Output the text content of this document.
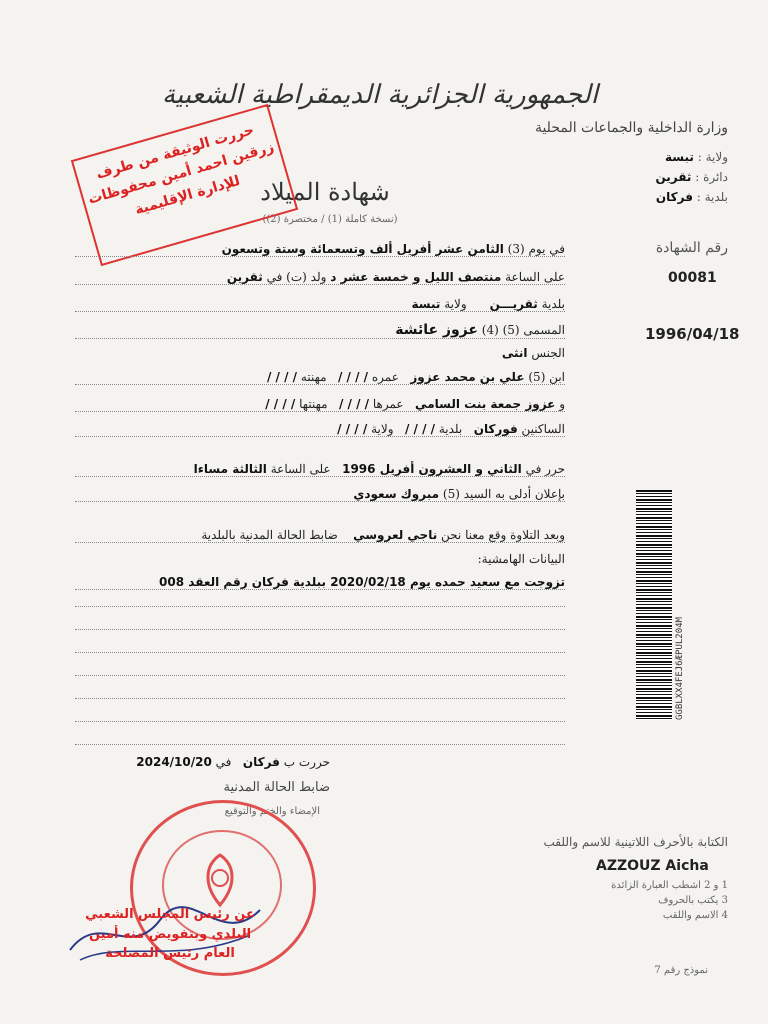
الجمهورية الجزائرية الديمقراطية الشعبية
وزارة الداخلية والجماعات المحلية
ولاية : تبسة
دائرة : ثقرين
بلدية : فركان
شهادة الميلاد
(نسخة كاملة (1) / مختصرة (2))
حررت الوثيقة من طرف زرقين احمد أمين محفوظات للإدارة الإقليمية
رقم الشهادة
00081
1996/04/18
في يوم (3) الثامن عشر أفريل ألف وتسعمائة وستة وتسعون
على الساعة منتصف الليل و خمسة عشر د ولد (ت) في ثقرين
بلدية ثقريـــن      ولاية تبسة
المسمى (5) (4) عزوز عائشة
الجنس انثى
ابن (5) علي بن محمد عزوز   عمره / / / /   مهنته / / / /
و عزوز جمعة بنت السامي   عمرها / / / /   مهنتها / / / /
الساكنين فوركان   بلدية / / / /   ولاية / / / /
حرر في الثاني و العشرون أفريل 1996   على الساعة الثالثة مساءا
بإعلان أدلى به السيد (5) مبروك سعودي
وبعد التلاوة وقع معنا نحن ناجي لعروسي    ضابط الحالة المدنية بالبلدية
البيانات الهامشية:
تزوجت مع سعيد حمده يوم 2020/02/18 ببلدية فركان رقم العقد 008
GGBLXX4FEJ6ÆPUL204M
حررت ب فركان   في 2024/10/20
ضابط الحالة المدنية
الإمضاء والختم والتوقيع
عن رئيس المجلس الشعبي البلدي وبتفويض منه أمين العام رئيس المصلحة
الكتابة بالأحرف اللاتينية للاسم واللقب
AZZOUZ Aicha
1 و 2 اشطب العبارة الزائدة
3 يكتب بالحروف
4 الاسم واللقب
نموذج رقم 7
